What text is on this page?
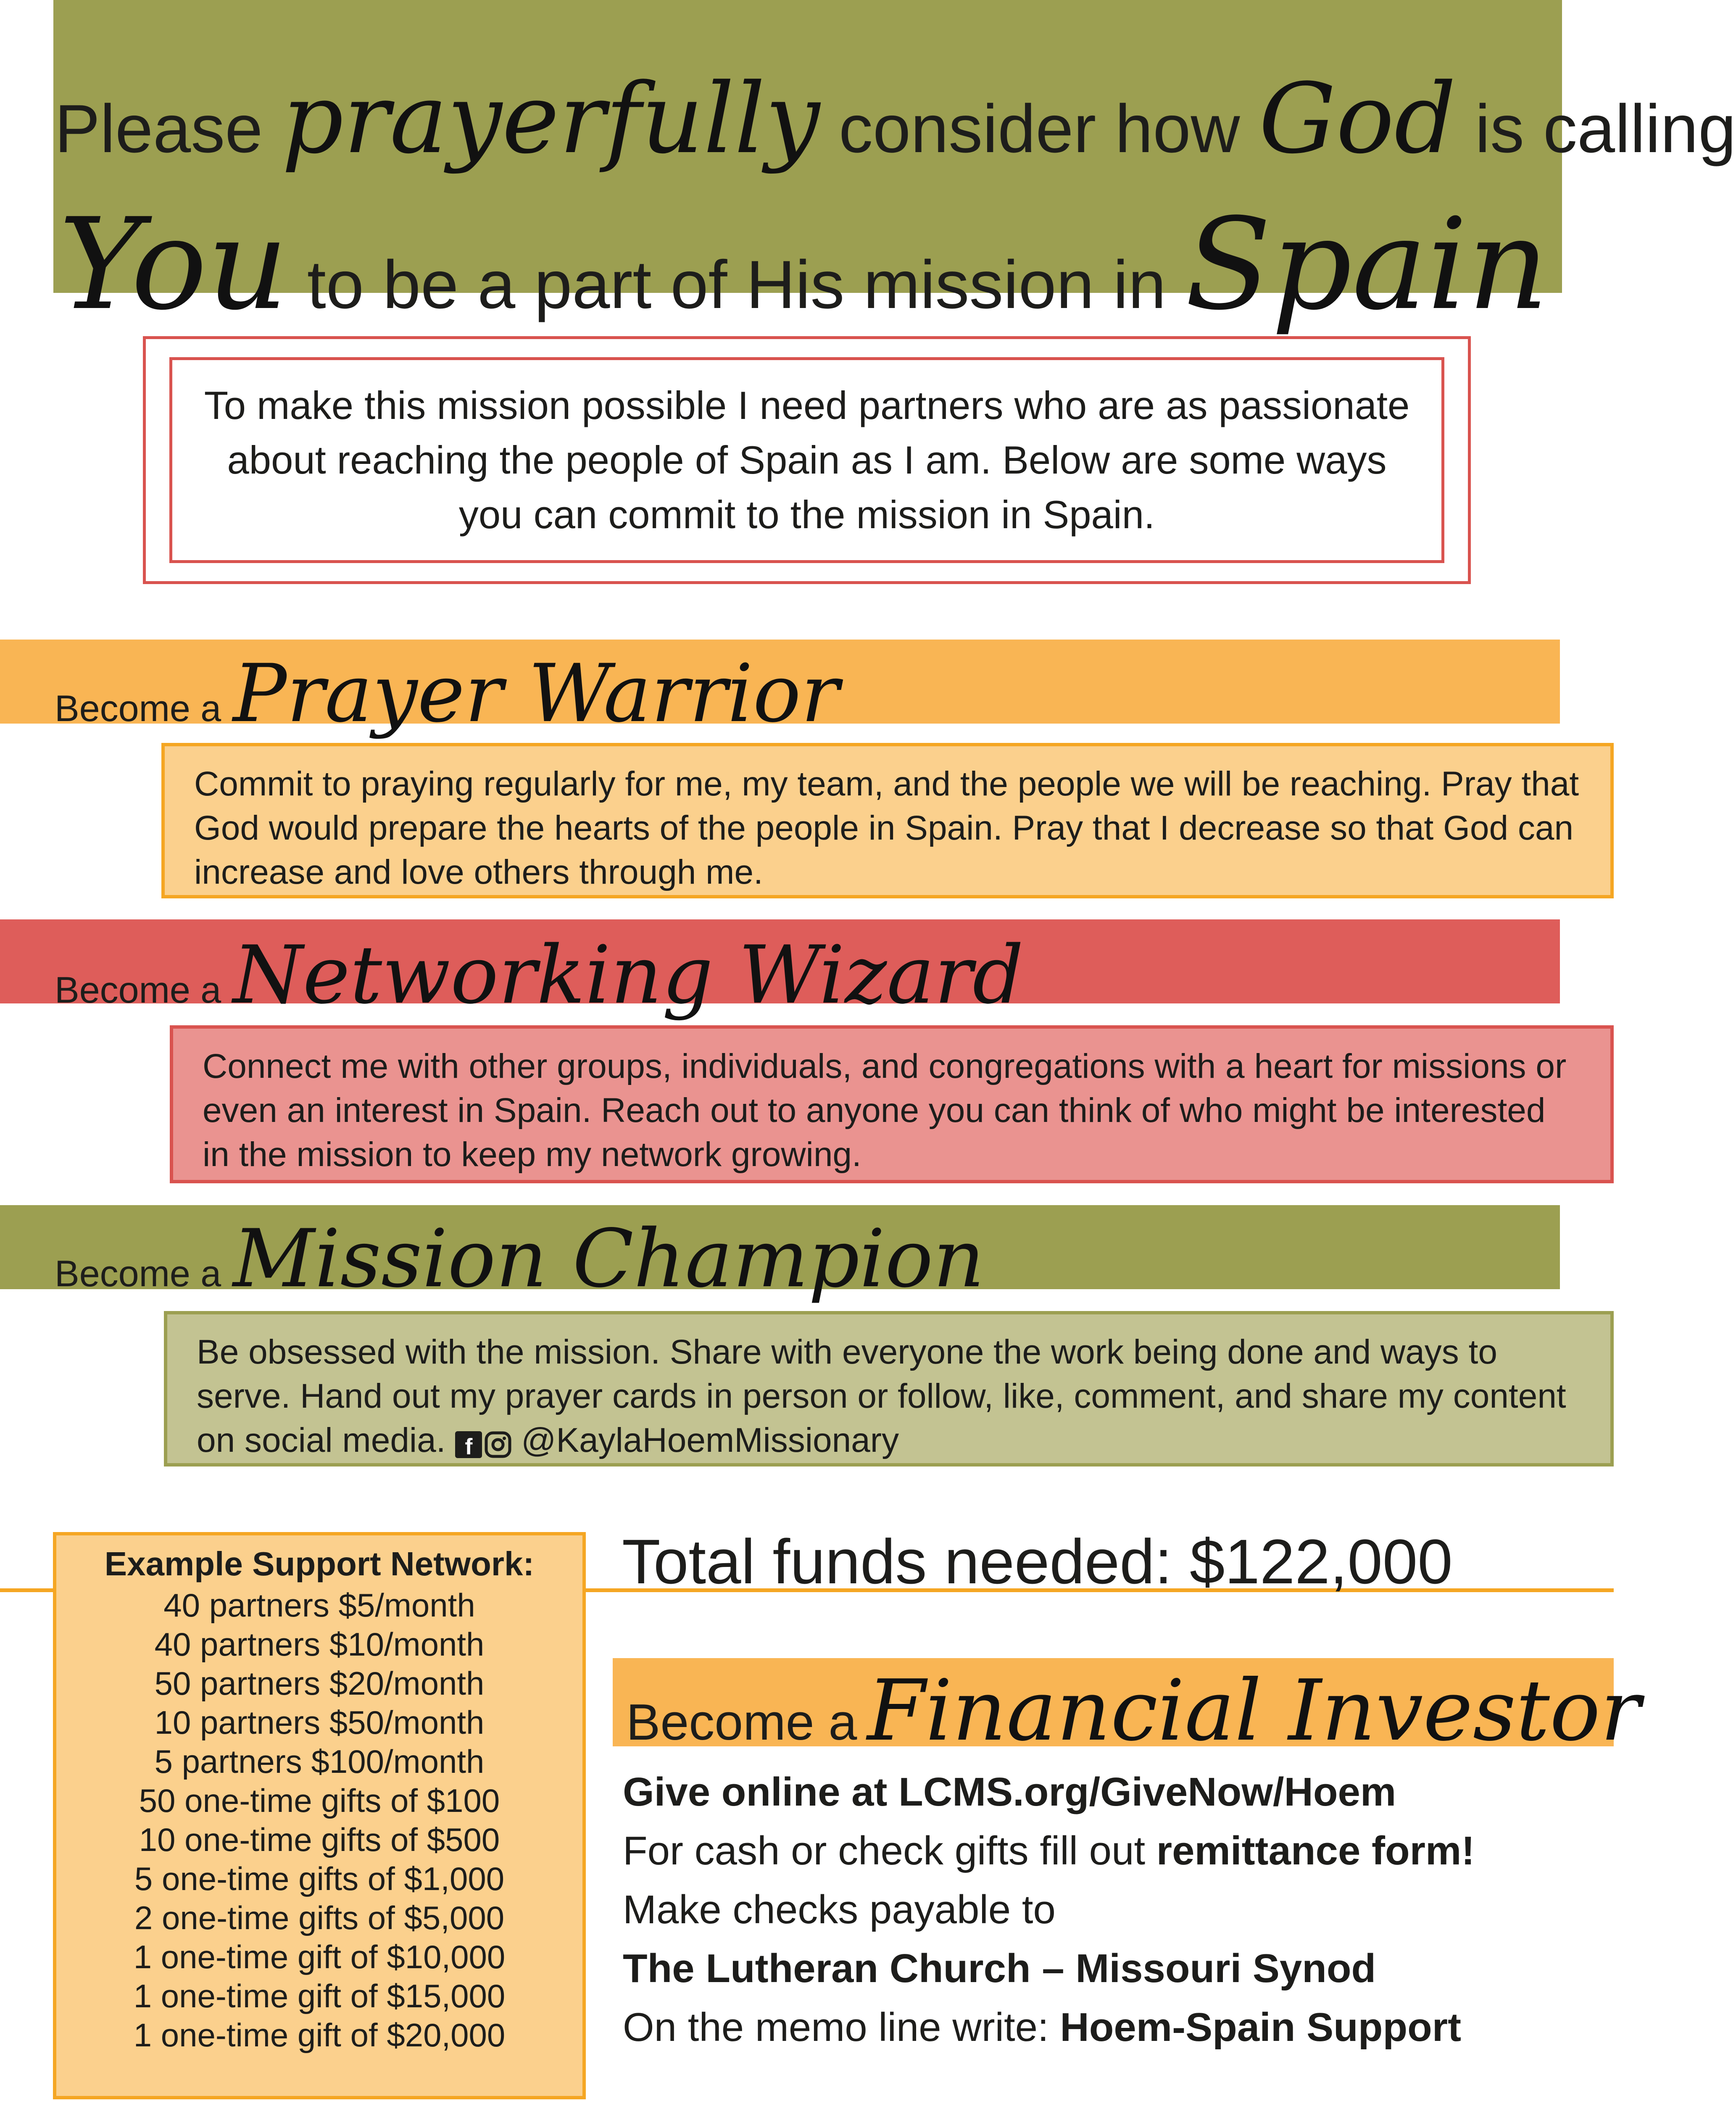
Please prayerfully consider how God is calling
You to be a part of His mission in Spain
To make this mission possible I need partners who are as passionate about reaching the people of Spain as I am. Below are some ways you can commit to the mission in Spain.
Become a Prayer Warrior
Commit to praying regularly for me, my team, and the people we will be reaching. Pray that God would prepare the hearts of the people in Spain. Pray that I decrease so that God can increase and love others through me.
Become a Networking Wizard
Connect me with other groups, individuals, and congregations with a heart for missions or even an interest in Spain. Reach out to anyone you can think of who might be interested in the mission to keep my network growing.
Become a Mission Champion
Be obsessed with the mission. Share with everyone the work being done and ways to serve. Hand out my prayer cards in person or follow, like, comment, and share my content on social media. f @KaylaHoemMissionary
Example Support Network:
40 partners $5/month
40 partners $10/month
50 partners $20/month
10 partners $50/month
5 partners $100/month
50 one-time gifts of $100
10 one-time gifts of $500
5 one-time gifts of $1,000
2 one-time gifts of $5,000
1 one-time gift of $10,000
1 one-time gift of $15,000
1 one-time gift of $20,000
Total funds needed: $122,000
Become a Financial Investor
Give online at LCMS.org/GiveNow/Hoem
For cash or check gifts fill out remittance form!
Make checks payable to
The Lutheran Church – Missouri Synod
On the memo line write: Hoem-Spain Support
